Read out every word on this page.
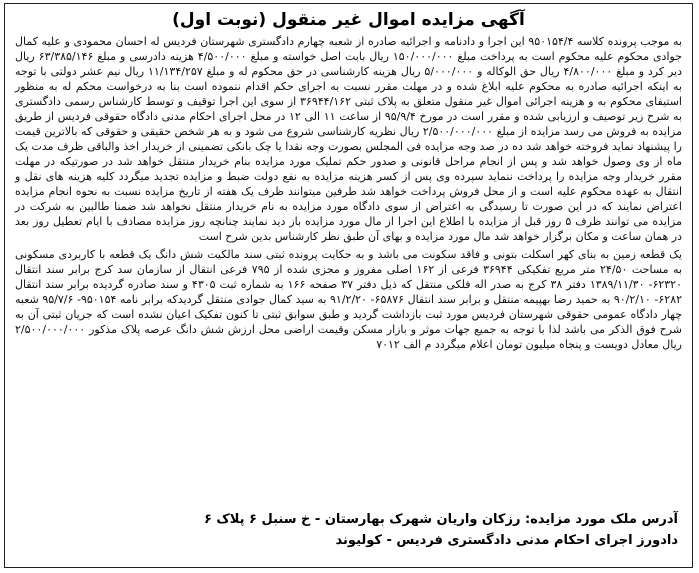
آگهی مزایده اموال غیر منقول (نوبت اول)

به موجب پرونده کلاسه ۹۵۰۱۵۴/۴ این اجرا و دادنامه و اجرائیه صادره از شعبه چهارم دادگستری شهرستان فردیس له احسان محمودی و علیه کمال جوادی محکوم علیه محکوم است به پرداخت مبلغ ۱۵۰/۰۰۰/۰۰۰ ریال بابت اصل خواسته و مبلغ ۴/۵۰۰/۰۰۰ هزینه دادرسی و مبلغ ۶۳/۳۸۵/۱۴۶ ریال دیر کرد و مبلغ ۴/۸۰۰/۰۰۰ ریال حق الوکاله و ۵/۰۰۰/۰۰۰ ریال هزینه کارشناسی در حق محکوم له و مبلغ ۱۱/۱۳۴/۲۵۷ ریال نیم عشر دولتی با توجه به اینکه اجرائیه صادره به محکوم علیه ابلاغ شده و در مهلت مقرر نسبت به اجرای حکم اقدام ننموده است بنا به درخواست محکم له به منظور استیفای محکوم به و هزینه اجرائی اموال غیر منقول متعلق به پلاک ثبتی ۳۶۹۴۴/۱۶۲ از سوی این اجرا توقیف و توسط کارشناس رسمی دادگستری به شرح زیر توصیف و ارزیابی شده و مقرر است در مورخ ۹۵/۹/۴ از ساعت ۱۱ الی ۱۲ در محل اجرای احکام مدنی دادگاه حقوقی فردیس از طریق مزایده به فروش می رسد مزایده از مبلغ ۲/۵۰۰/۰۰۰/۰۰۰ ریال نظریه کارشناسی شروع می شود و به هر شخص حقیقی و حقوقی که بالاترین قیمت را پیشنهاد نماید فروخته خواهد شد ده در صد وجه مزایده فی المجلس بصورت وجه نقدا یا چک بانکی تضمینی از خریدار اخذ والباقی ظرف مدت یک ماه از وی وصول خواهد شد و پس از انجام مراحل قانونی و صدور حکم تملیک مورد مزایده بنام خریدار منتقل خواهد شد در صورتیکه در مهلت مقرر خریدار وجه مزایده را پرداخت ننماید سپرده وی پس از کسر هزینه مزایده به نفع دولت ضبط و مزایده تجدید میگردد کلیه هزینه های نقل و انتقال به عهده محکوم علیه است و از محل فروش پرداخت خواهد شد طرفین میتوانند ظرف یک هفته از تاریخ مزایده نسبت به نحوه انجام مزایده اعتراض نمایند که در این صورت تا رسیدگی به اعتراض از سوی دادگاه مورد مزایده به نام خریدار منتقل نخواهد شد ضمنا طالبین به شرکت در مزایده می توانند ظرف ۵ روز قبل از مزایده با اطلاع این اجرا از مال مورد مزایده باز دید نمایند چنانچه روز مزایده مصادف با ایام تعطیل روز بعد در همان ساعت و مکان برگزار خواهد شد مال مورد مزایده و بهای آن طبق نظر کارشناس بدین شرح است

یک قطعه زمین به بنای کهر اسکلت بتونی و فاقد سکونت می باشد و به حکایت پرونده ثبتی سند مالکیت شش دانگ یک قطعه با کاربردی مسکونی به مساحت ۲۴/۵۰ متر مربع تفکیکی ۳۶۹۴۴ فرعی از ۱۶۲ اصلی مفروز و مجزی شده از ۷۹۵ فرعی انتقال از سازمان سد کرج برابر سند انتقال ۶۲۳۲۰- ۱۳۸۹/۱۱/۳۰ دفتر ۳۸ کرج به صدر اله فلکی منتقل که ذیل دفتر ۳۷ صفحه ۱۶۶ به شماره ثبت ۴۳۰۵ و سند صادره گردیده برابر سند انتقال ۶۲۸۲- ۹۰/۲/۱۰ به حمید رضا بهپیمه منتقل و برابر سند انتقال ۶۵۸۷۶- ۹۱/۲/۲۰ به سید کمال جوادی منتقل گردیدکه برابر نامه ۹۵۰۱۵۴- ۹۵/۷/۶ شعبه چهار دادگاه عمومی حقوقی شهرستان فردیس مورد ثبت بازداشت گردید و طبق سوابق ثبتی تا کنون تفکیک اعیان نشده است که جریان ثبتی آن به شرح فوق الذکر می باشد لذا با توجه به جمیع جهات موثر و بازار مسکن وقیمت اراضی محل ارزش شش دانگ عرصه پلاک مذکور ۲/۵۰۰/۰۰۰/۰۰۰ ریال معادل دویست و پنجاه میلیون تومان اعلام میگردد م الف ۷۰۱۲

آدرس ملک مورد مزایده: رزکان واریان شهرک بهارستان - خ سنبل ۶ پلاک ۶
دادورز اجرای احکام مدنی دادگستری فردیس - کولیوند
